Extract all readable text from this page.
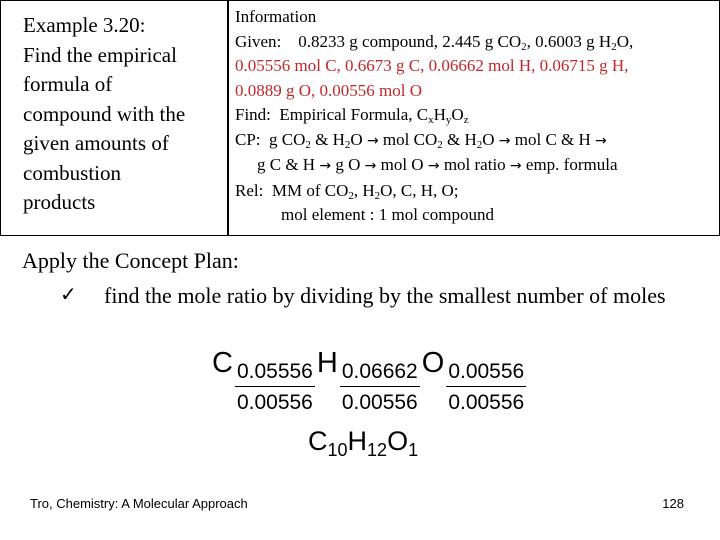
Example 3.20:
Find the empirical
formula of
compound with the
given amounts of
combustion
products
Information
Given: 0.8233 g compound, 2.445 g $CO_2$, 0.6003 g $H_2O$,
0.05556 mol C, 0.6673 g C, 0.06662 mol H, 0.06715 g H,
0.0889 g O, 0.00556 mol O
Find: Empirical Formula, $C_xH_yO_z$
CP: g $CO_2$ & $H_2O$ → mol $CO_2$ & $H_2O$ → mol C & H →
g C & H → g O → mol O → mol ratio → emp. formula
Rel: MM of $CO_2$, $H_2O$, C, H, O;
mol element : 1 mol compound
Apply the Concept Plan:
✓ find the mole ratio by dividing by the smallest number of moles
C $\frac{0.05556}{0.00556}$ H $\frac{0.06662}{0.00556}$ O $\frac{0.00556}{0.00556}$
$C_{10}H_{12}O_1$
Tro, Chemistry: A Molecular Approach	128
